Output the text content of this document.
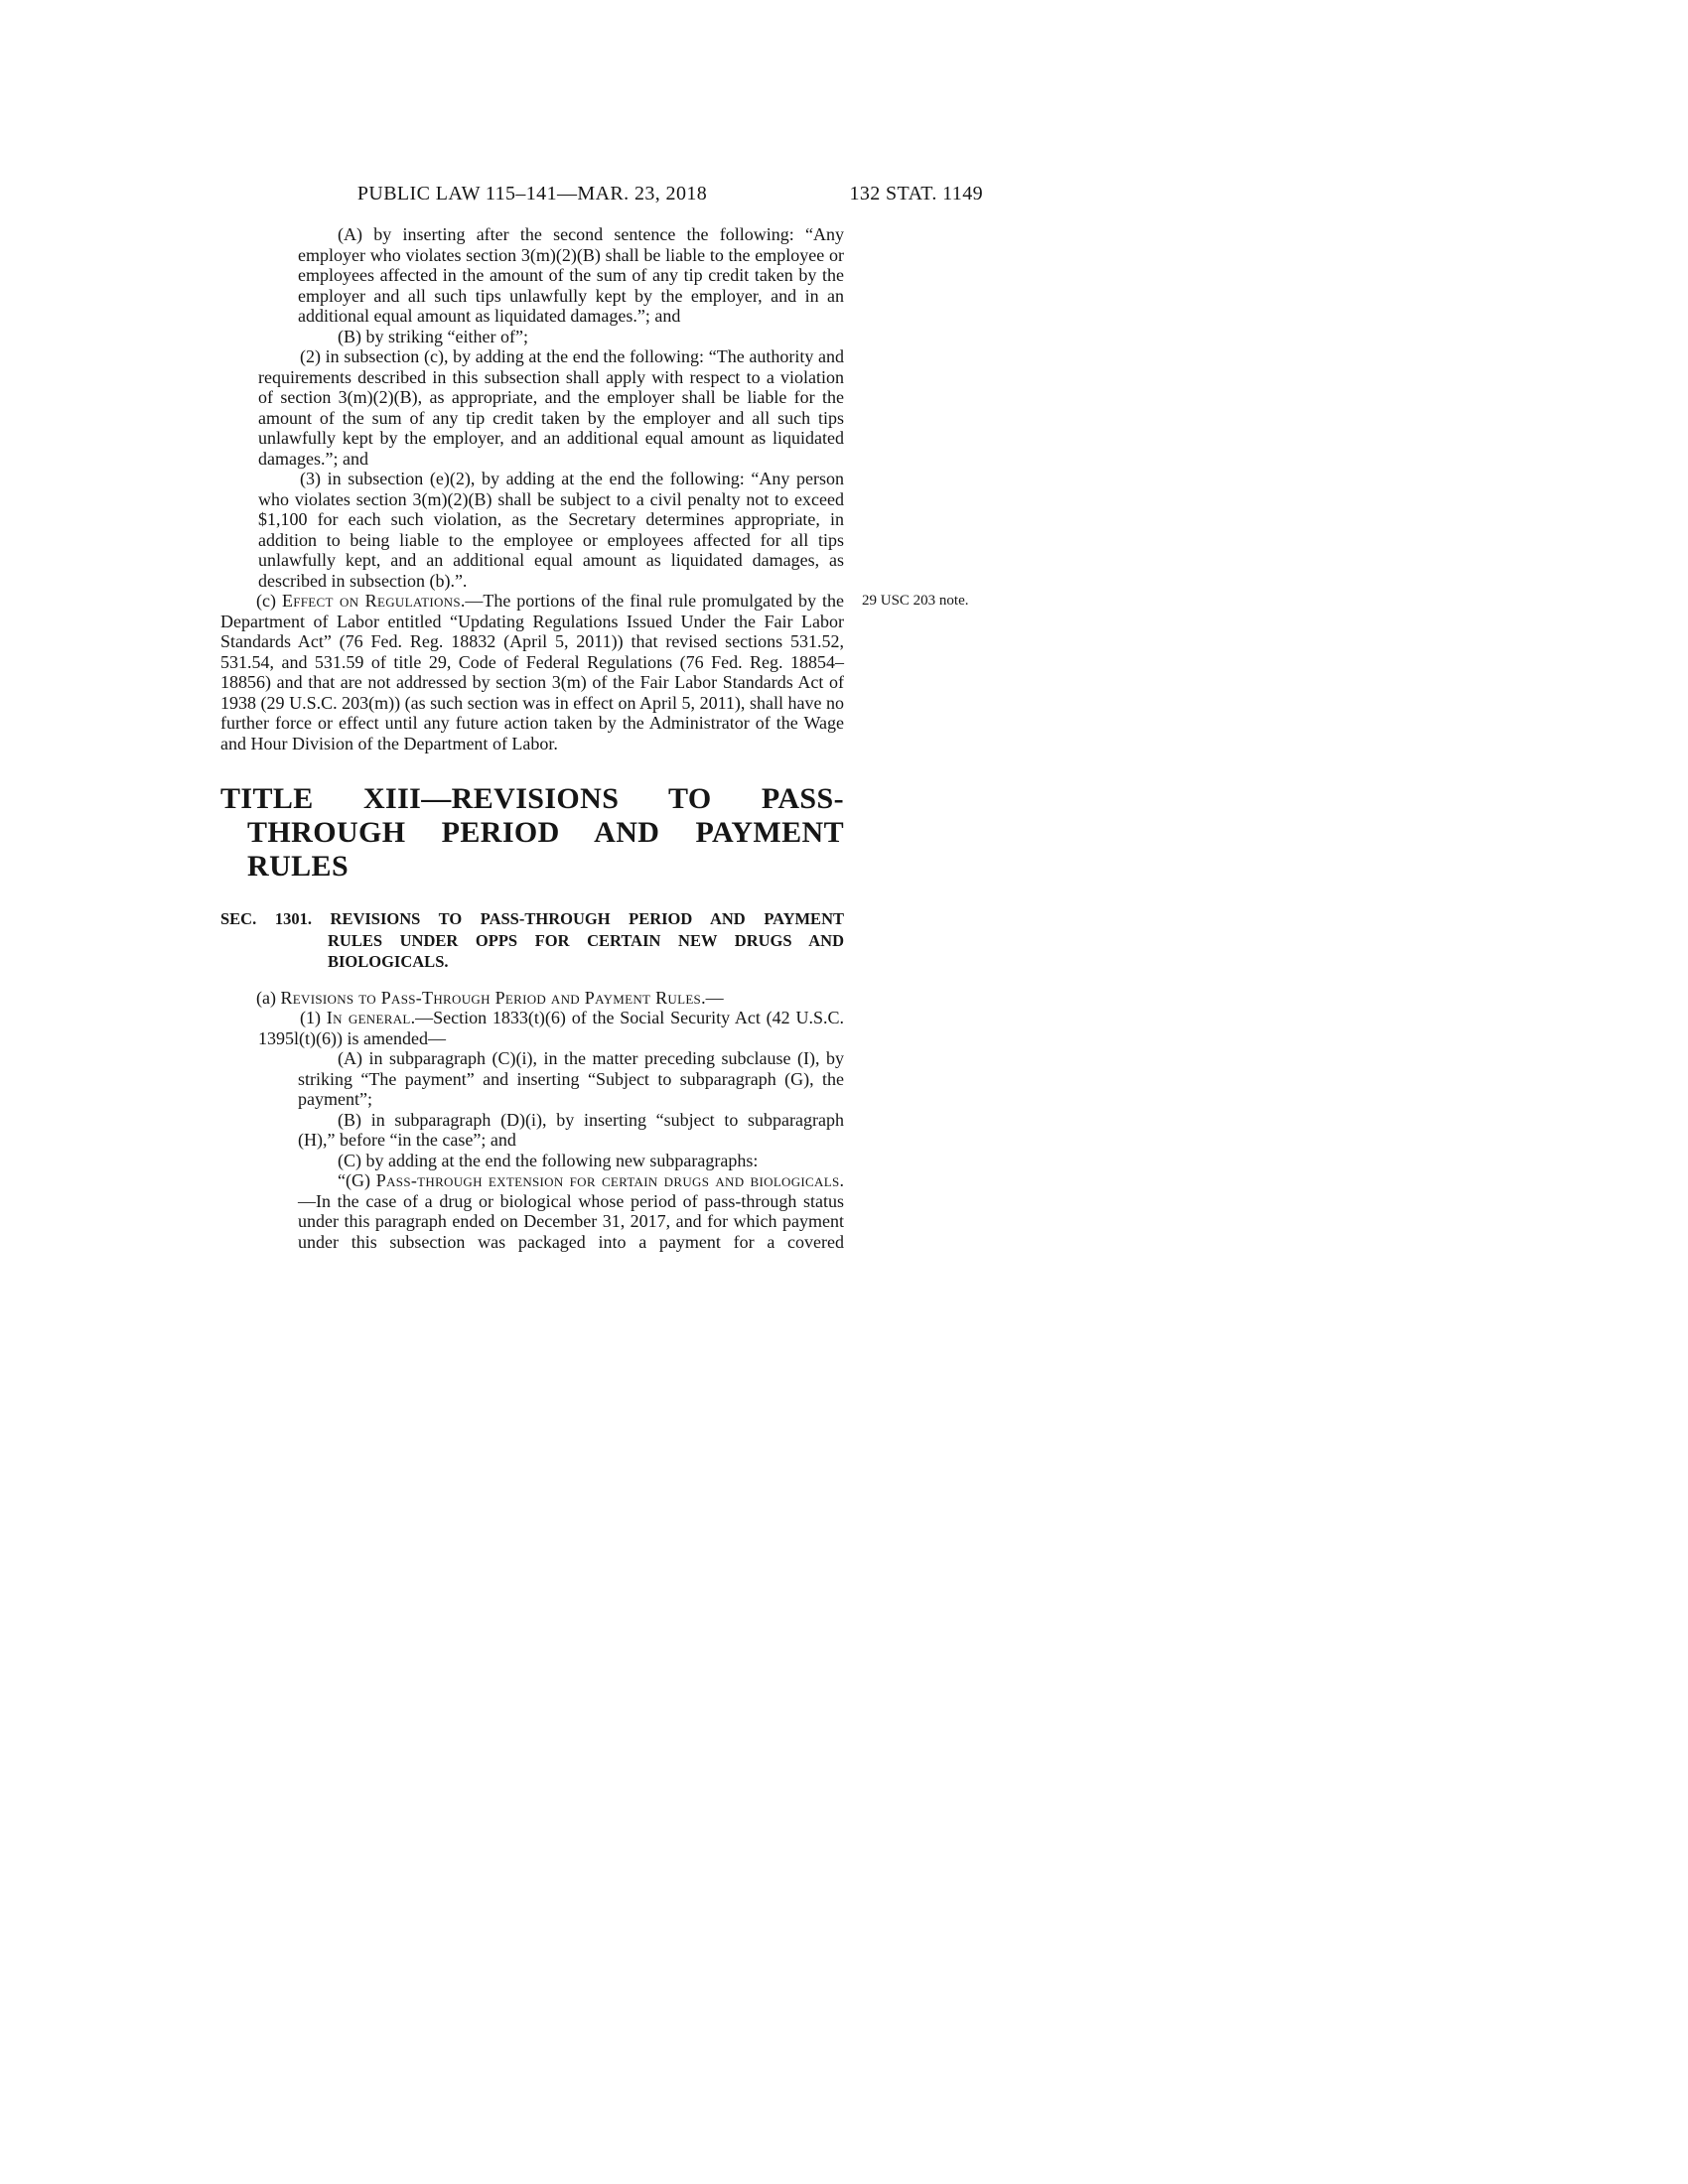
PUBLIC LAW 115–141—MAR. 23, 2018	132 STAT. 1149

(A) by inserting after the second sentence the following: “Any employer who violates section 3(m)(2)(B) shall be liable to the employee or employees affected in the amount of the sum of any tip credit taken by the employer and all such tips unlawfully kept by the employer, and in an additional equal amount as liquidated damages.”; and

(B) by striking “either of”;

(2) in subsection (c), by adding at the end the following: “The authority and requirements described in this subsection shall apply with respect to a violation of section 3(m)(2)(B), as appropriate, and the employer shall be liable for the amount of the sum of any tip credit taken by the employer and all such tips unlawfully kept by the employer, and an additional equal amount as liquidated damages.”; and

(3) in subsection (e)(2), by adding at the end the following: “Any person who violates section 3(m)(2)(B) shall be subject to a civil penalty not to exceed $1,100 for each such violation, as the Secretary determines appropriate, in addition to being liable to the employee or employees affected for all tips unlawfully kept, and an additional equal amount as liquidated damages, as described in subsection (b).”.

(c) Effect on Regulations.—The portions of the final rule promulgated by the Department of Labor entitled “Updating Regulations Issued Under the Fair Labor Standards Act” (76 Fed. Reg. 18832 (April 5, 2011)) that revised sections 531.52, 531.54, and 531.59 of title 29, Code of Federal Regulations (76 Fed. Reg. 18854–18856) and that are not addressed by section 3(m) of the Fair Labor Standards Act of 1938 (29 U.S.C. 203(m)) (as such section was in effect on April 5, 2011), shall have no further force or effect until any future action taken by the Administrator of the Wage and Hour Division of the Department of Labor.
29 USC 203 note.

TITLE XIII—REVISIONS TO PASS-
THROUGH PERIOD AND PAYMENT
RULES
SEC. 1301. REVISIONS TO PASS-THROUGH PERIOD AND PAYMENT
RULES UNDER OPPS FOR CERTAIN NEW DRUGS AND
BIOLOGICALS.

(a) Revisions to Pass-Through Period and Payment Rules.—

(1) In general.—Section 1833(t)(6) of the Social Security Act (42 U.S.C. 1395l(t)(6)) is amended—

(A) in subparagraph (C)(i), in the matter preceding subclause (I), by striking “The payment” and inserting “Subject to subparagraph (G), the payment”;

(B) in subparagraph (D)(i), by inserting “subject to subparagraph (H),” before “in the case”; and

(C) by adding at the end the following new subparagraphs:

“(G) Pass-through extension for certain drugs and biologicals.—In the case of a drug or biological whose period of pass-through status under this paragraph ended on December 31, 2017, and for which payment under this subsection was packaged into a payment for a covered
